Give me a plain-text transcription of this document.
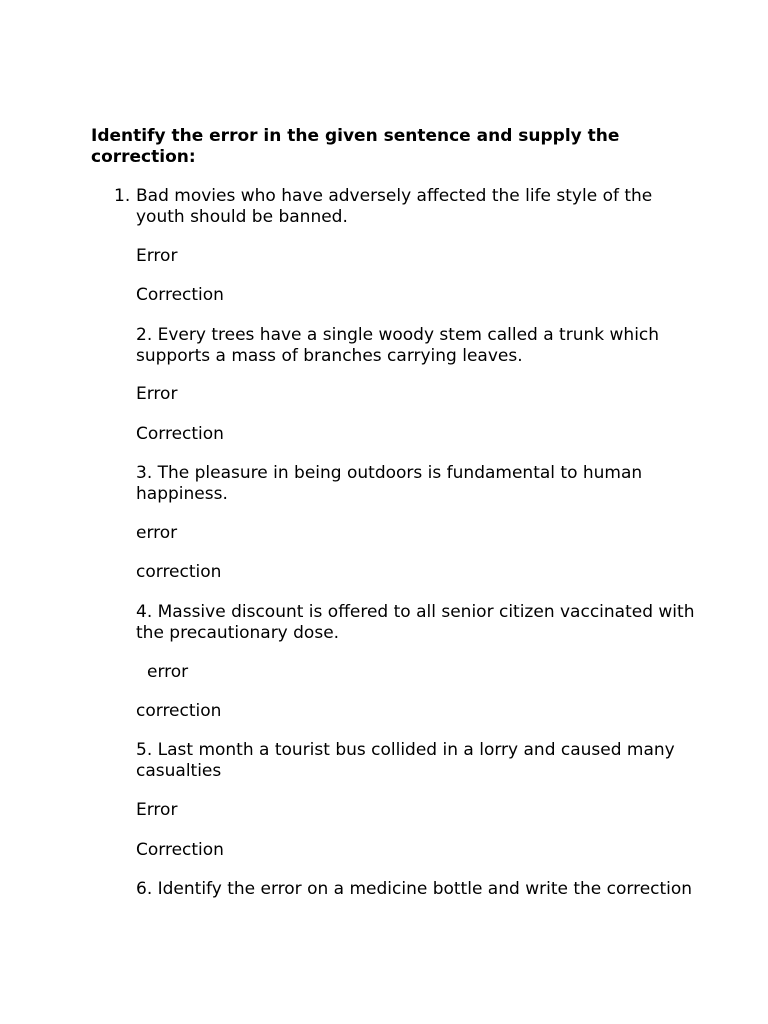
Identify the error in the given sentence and supply the correction:
1. Bad movies who have adversely affected the life style of the youth should be banned.
Error
Correction
2. Every trees have a single woody stem called a trunk which supports a mass of branches carrying leaves.
Error
Correction
3. The pleasure in being outdoors is fundamental to human happiness.
error
correction
4. Massive discount is offered to all senior citizen vaccinated with the precautionary dose.
error
correction
5. Last month a tourist bus collided in a lorry and caused many casualties
Error
Correction
6. Identify the error on a medicine bottle and write the correction
